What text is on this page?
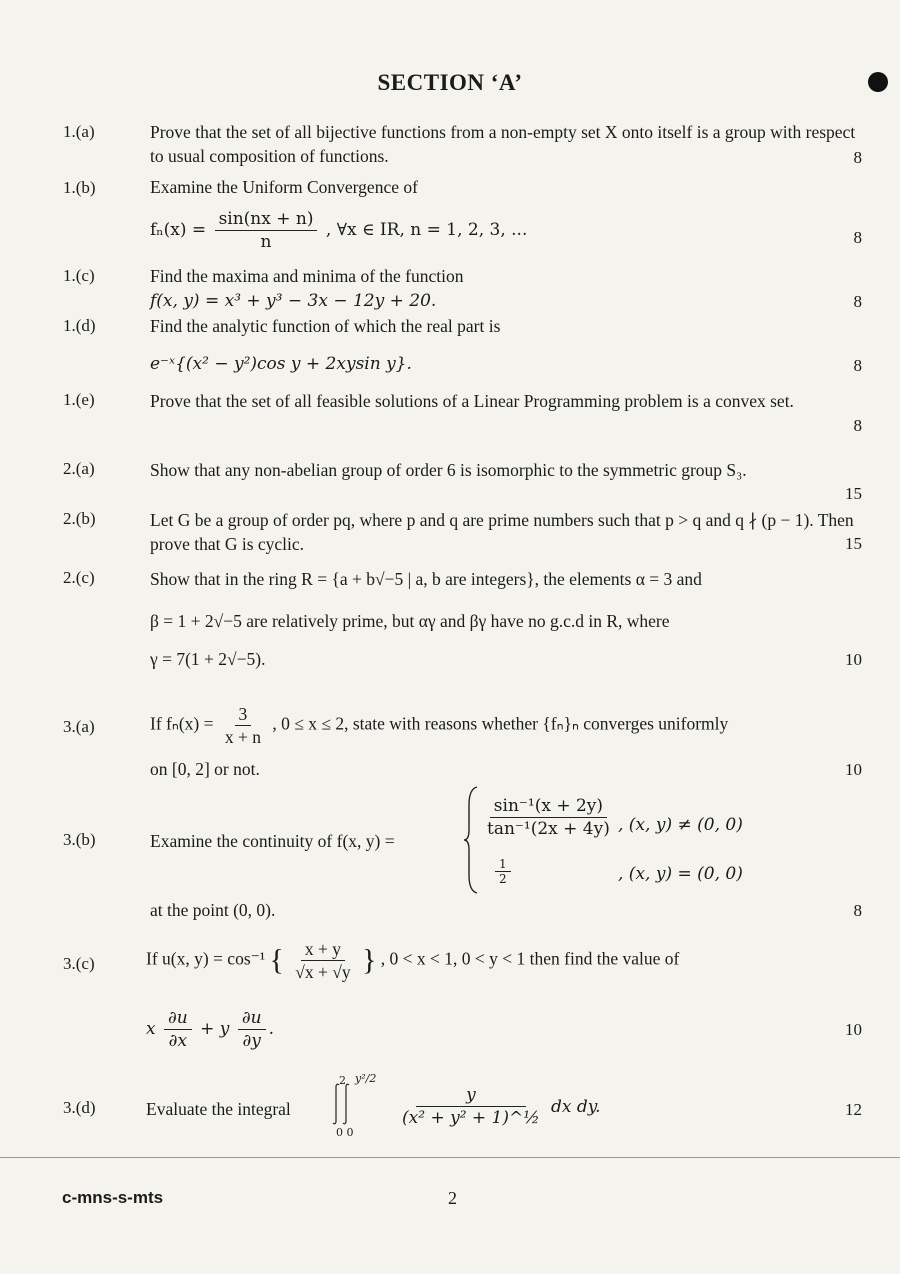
SECTION ‘A’
1.(a)	Prove that the set of all bijective functions from a non-empty set X onto itself is a group with respect to usual composition of functions.	8
1.(b)	Examine the Uniform Convergence of
$f_n(x) = \frac{\sin(nx + n)}{n}$ , ∀x ∈ IR, n = 1, 2, 3, ...	8
1.(c)	Find the maxima and minima of the function
f(x, y) = x³ + y³ − 3x − 12y + 20.	8
1.(d)	Find the analytic function of which the real part is
e⁻ˣ{(x² − y²)cos y + 2xysin y}.	8
1.(e)	Prove that the set of all feasible solutions of a Linear Programming problem is a convex set.
8
2.(a)	Show that any non-abelian group of order 6 is isomorphic to the symmetric group S₃.
15
2.(b)	Let G be a group of order pq, where p and q are prime numbers such that p > q and q ∤ (p − 1). Then prove that G is cyclic.	15
2.(c)	Show that in the ring R = {a + b√−5 | a, b are integers}, the elements α = 3 and
β = 1 + 2√−5 are relatively prime, but αγ and βγ have no g.c.d in R, where
γ = 7(1 + 2√−5).	10
3.(a)	If $f_n(x) = \frac{3}{x + n}$ , 0 ≤ x ≤ 2, state with reasons whether {fₙ}ₙ converges uniformly
on [0, 2] or not.	10
3.(b)	Examine the continuity of f(x, y) =
$\frac{\text{sin⁻¹(x + 2y)}}{\text{tan⁻¹(2x + 4y)}}$ , (x, y) ≠ (0, 0)
$\frac{1}{2}$	, (x, y) = (0, 0)
at the point (0, 0).	8
3.(c)	If u(x, y) = cos⁻¹ { $\frac{x + y}{√x + √y}$ } , 0 < x < 1, 0 < y < 1 then find the value of
x $\frac{\partial u}{\partial x} + y \frac{\partial u}{\partial y}$ .	10
3.(d)	Evaluate the integral
2 y²/2
0 0
$\frac{y}{\text{(x² + y² + 1)\textasciicircum{}½}}$ dx dy.	12
c-mns-s-mts	2
